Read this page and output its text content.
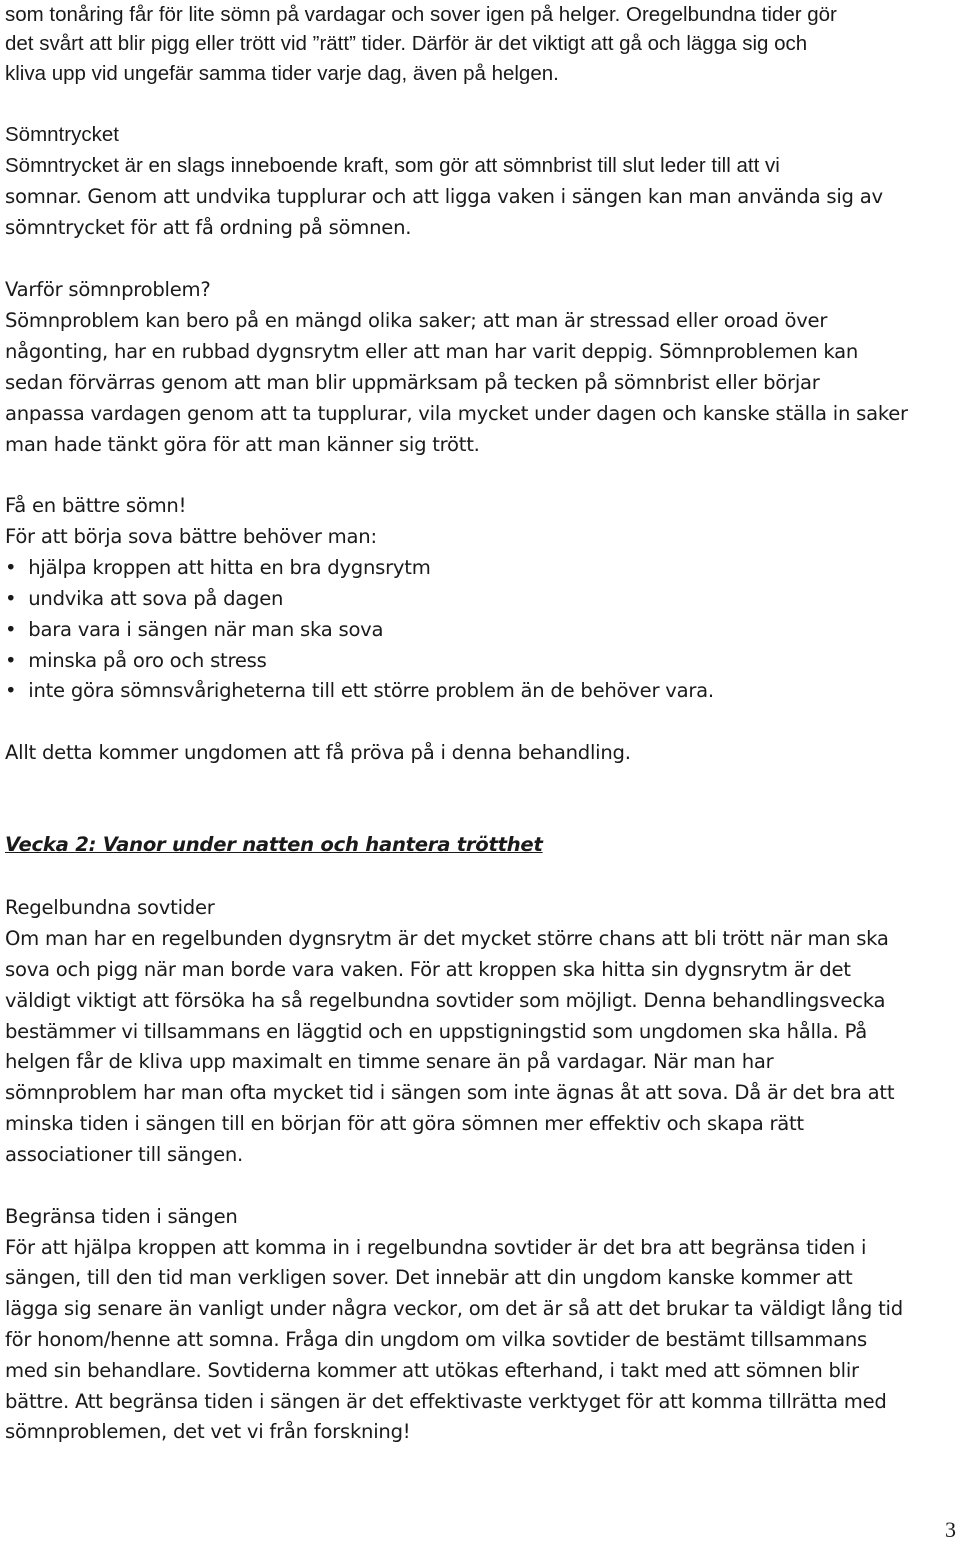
som tonåring får för lite sömn på vardagar och sover igen på helger. Oregelbundna tider gör
det svårt att blir pigg eller trött vid ”rätt” tider. Därför är det viktigt att gå och lägga sig och
kliva upp vid ungefär samma tider varje dag, även på helgen.
Sömntrycket
Sömntrycket är en slags inneboende kraft, som gör att sömnbrist till slut leder till att vi
somnar. Genom att undvika tupplurar och att ligga vaken i sängen kan man använda sig av
sömntrycket för att få ordning på sömnen.
Varför sömnproblem?
Sömnproblem kan bero på en mängd olika saker; att man är stressad eller oroad över
någonting, har en rubbad dygnsrytm eller att man har varit deppig. Sömnproblemen kan
sedan förvärras genom att man blir uppmärksam på tecken på sömnbrist eller börjar
anpassa vardagen genom att ta tupplurar, vila mycket under dagen och kanske ställa in saker
man hade tänkt göra för att man känner sig trött.
Få en bättre sömn!
För att börja sova bättre behöver man:
•  hjälpa kroppen att hitta en bra dygnsrytm
•  undvika att sova på dagen
•  bara vara i sängen när man ska sova
•  minska på oro och stress
•  inte göra sömnsvårigheterna till ett större problem än de behöver vara.
Allt detta kommer ungdomen att få pröva på i denna behandling.
Vecka 2: Vanor under natten och hantera trötthet
Regelbundna sovtider
Om man har en regelbunden dygnsrytm är det mycket större chans att bli trött när man ska
sova och pigg när man borde vara vaken. För att kroppen ska hitta sin dygnsrytm är det
väldigt viktigt att försöka ha så regelbundna sovtider som möjligt. Denna behandlingsvecka
bestämmer vi tillsammans en läggtid och en uppstigningstid som ungdomen ska hålla. På
helgen får de kliva upp maximalt en timme senare än på vardagar. När man har
sömnproblem har man ofta mycket tid i sängen som inte ägnas åt att sova. Då är det bra att
minska tiden i sängen till en början för att göra sömnen mer effektiv och skapa rätt
associationer till sängen.
Begränsa tiden i sängen
För att hjälpa kroppen att komma in i regelbundna sovtider är det bra att begränsa tiden i
sängen, till den tid man verkligen sover. Det innebär att din ungdom kanske kommer att
lägga sig senare än vanligt under några veckor, om det är så att det brukar ta väldigt lång tid
för honom/henne att somna. Fråga din ungdom om vilka sovtider de bestämt tillsammans
med sin behandlare. Sovtiderna kommer att utökas efterhand, i takt med att sömnen blir
bättre. Att begränsa tiden i sängen är det effektivaste verktyget för att komma tillrätta med
sömnproblemen, det vet vi från forskning!
3
